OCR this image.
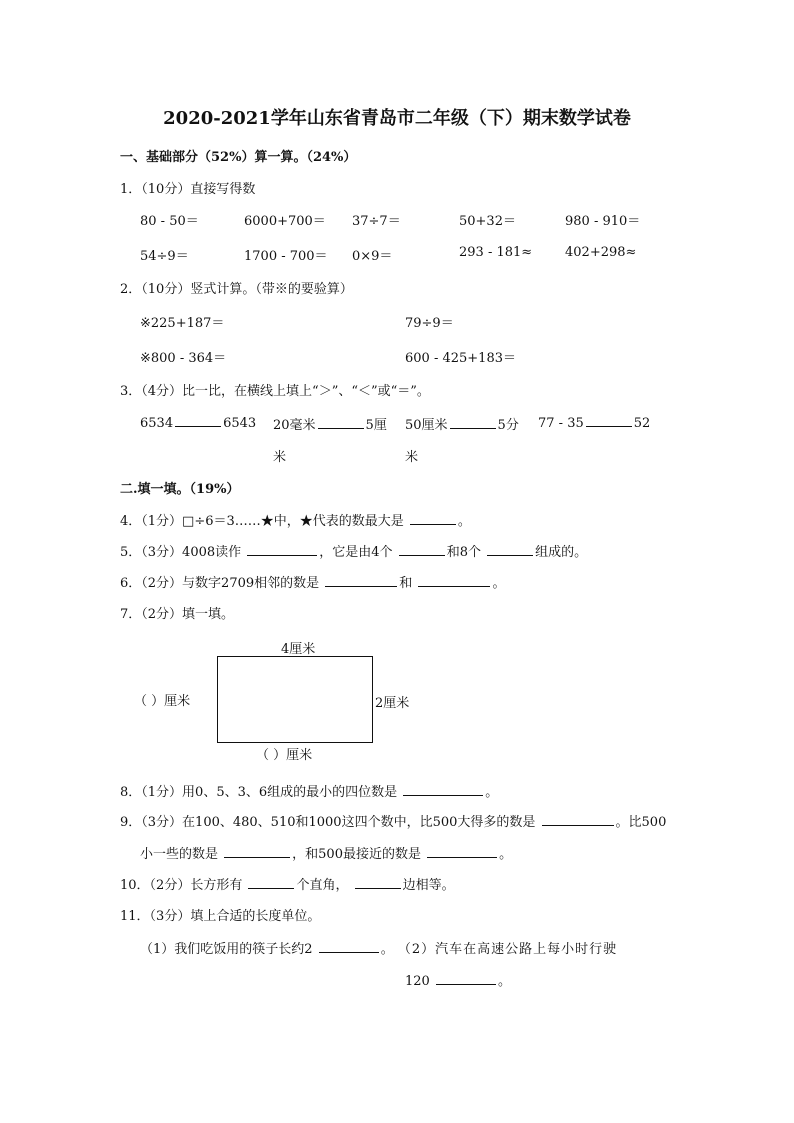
2020-2021学年山东省青岛市二年级（下）期末数学试卷
一、基础部分（52%）算一算。（24%）
1．（10分）直接写得数
80 - 50＝	6000+700＝ 37÷7＝	50+32＝	980 - 910＝
54÷9＝	1700 - 700＝ 0×9＝	293 - 181≈	402+298≈
2．（10分）竖式计算。（带※的要验算）
※225+187＝	79÷9＝
※800 - 364＝	600 - 425+183＝
3．（4分）比一比，在横线上填上“＞”、“＜”或“＝”。
6534	6543 20毫米	5厘 50厘米	5分 77 - 35	52
米	米
二.填一填。（19%）
4．（1分）□÷6＝3……★中，★代表的数最大是	。
5．（3分）4008读作	，它是由4个	和8个	组成的。
6．（2分）与数字2709相邻的数是	和	。
7．（2分）填一填。
4厘米
（ ）厘米	2厘米
（ ）厘米
8．（1分）用0、5、3、6组成的最小的四位数是	。
9．（3分）在100、480、510和1000这四个数中，比500大得多的数是	。比500
小一些的数是	，和500最接近的数是	。
10．（2分）长方形有	个直角，	边相等。
11．（3分）填上合适的长度单位。
（1）我们吃饭用的筷子长约2	。 （2）汽车在高速公路上每小时行驶
120	。
